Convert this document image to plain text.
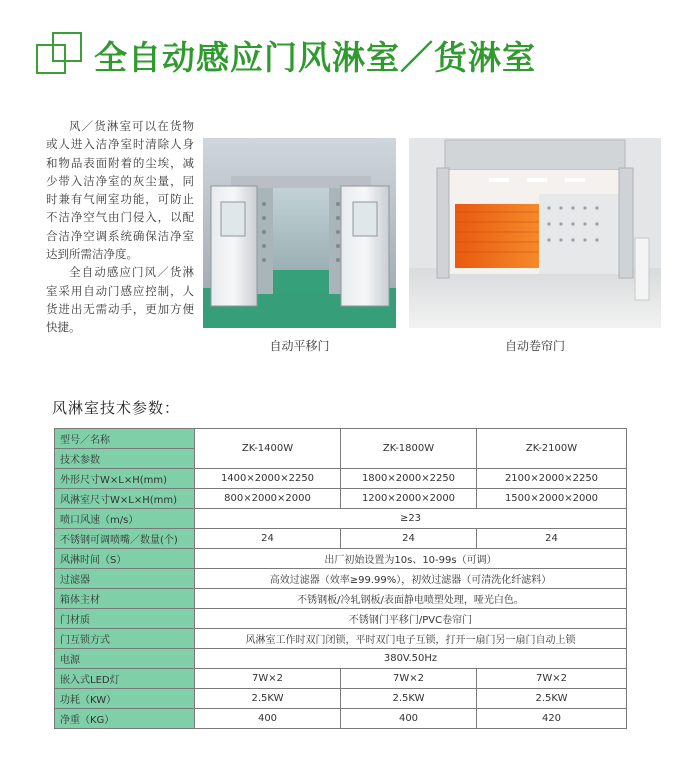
全自动感应门风淋室／货淋室

风／货淋室可以在货物或人进入洁净室时清除人身和物品表面附着的尘埃，减少带入洁净室的灰尘量，同时兼有气闸室功能，可防止不洁净空气由门侵入，以配合洁净空调系统确保洁净室达到所需洁净度。

全自动感应门风／货淋室采用自动门感应控制，人货进出无需动手，更加方便快捷。

自动平移门	自动卷帘门
风淋室技术参数：
型号／名称	ZK-1400W	ZK-1800W	ZK-2100W
技术参数			
外形尺寸W×L×H(mm)	1400×2000×2250	1800×2000×2250	2100×2000×2250
风淋室尺寸W×L×H(mm)	800×2000×2000	1200×2000×2000	1500×2000×2000
喷口风速（m/s）	≥23		
不锈钢可调喷嘴／数量(个)	24	24	24
风淋时间（S）	出厂初始设置为10s、10-99s（可调）		
过滤器	高效过滤器（效率≥99.99%），初效过滤器（可清洗化纤滤料）		
箱体主材	不锈钢板/冷轧钢板/表面静电喷塑处理，哑光白色。		
门材质	不锈钢门平移门/PVC卷帘门		
门互锁方式	风淋室工作时双门闭锁，平时双门电子互锁，打开一扇门另一扇门自动上锁		
电源	380V.50Hz		
嵌入式LED灯	7W×2	7W×2	7W×2
功耗（KW）	2.5KW	2.5KW	2.5KW
净重（KG）	400	400	420
